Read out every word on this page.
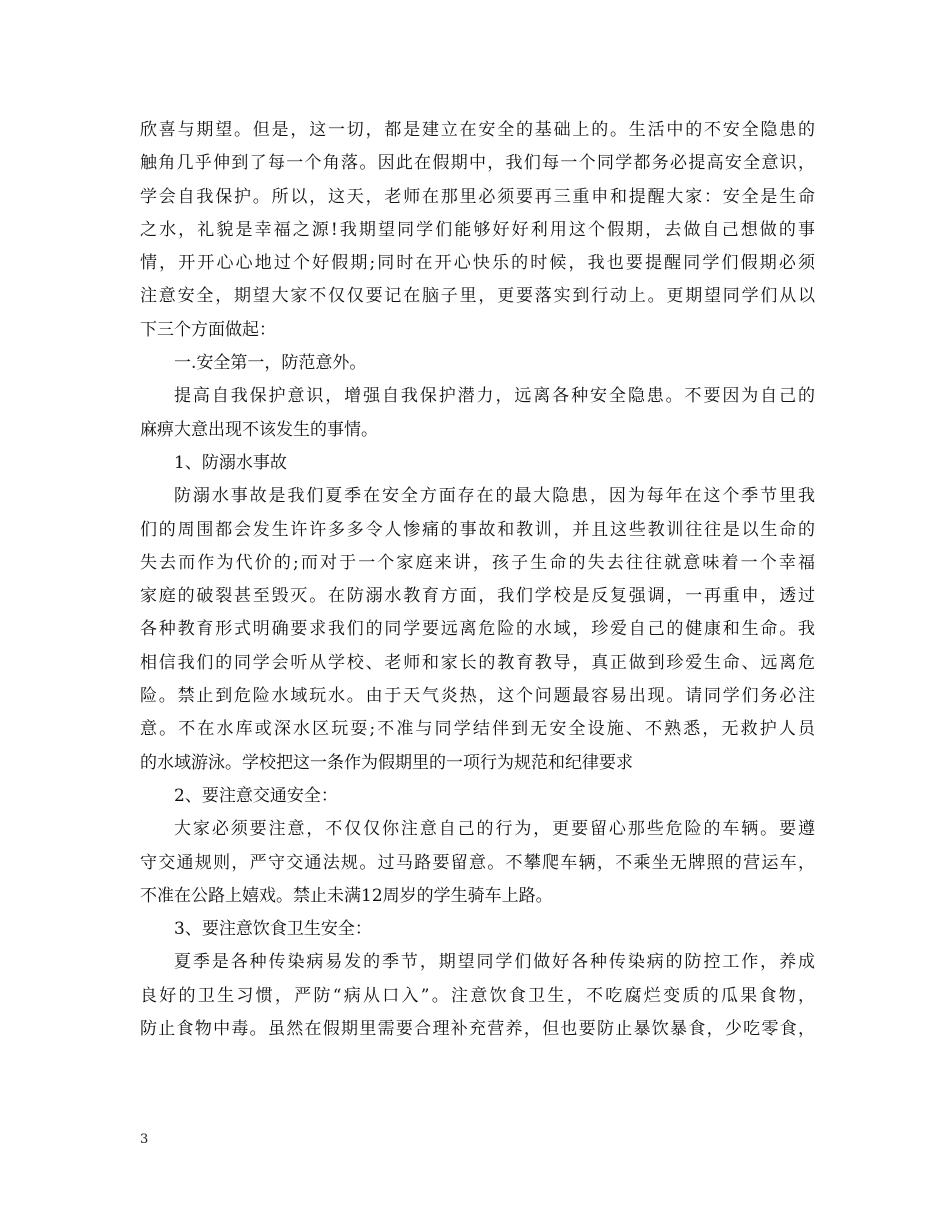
欣喜与期望。但是，这一切，都是建立在安全的基础上的。生活中的不安全隐患的
触角几乎伸到了每一个角落。因此在假期中，我们每一个同学都务必提高安全意识，
学会自我保护。所以，这天，老师在那里必须要再三重申和提醒大家：安全是生命
之水，礼貌是幸福之源!我期望同学们能够好好利用这个假期，去做自己想做的事
情，开开心心地过个好假期;同时在开心快乐的时候，我也要提醒同学们假期必须
注意安全，期望大家不仅仅要记在脑子里，更要落实到行动上。更期望同学们从以
下三个方面做起：
一.安全第一，防范意外。
提高自我保护意识，增强自我保护潜力，远离各种安全隐患。不要因为自己的
麻痹大意出现不该发生的事情。
1、防溺水事故
防溺水事故是我们夏季在安全方面存在的最大隐患，因为每年在这个季节里我
们的周围都会发生许许多多令人惨痛的事故和教训，并且这些教训往往是以生命的
失去而作为代价的;而对于一个家庭来讲，孩子生命的失去往往就意味着一个幸福
家庭的破裂甚至毁灭。在防溺水教育方面，我们学校是反复强调，一再重申，透过
各种教育形式明确要求我们的同学要远离危险的水域，珍爱自己的健康和生命。我
相信我们的同学会听从学校、老师和家长的教育教导，真正做到珍爱生命、远离危
险。禁止到危险水域玩水。由于天气炎热，这个问题最容易出现。请同学们务必注
意。不在水库或深水区玩耍;不准与同学结伴到无安全设施、不熟悉，无救护人员
的水域游泳。学校把这一条作为假期里的一项行为规范和纪律要求
2、要注意交通安全：
大家必须要注意，不仅仅你注意自己的行为，更要留心那些危险的车辆。要遵
守交通规则，严守交通法规。过马路要留意。不攀爬车辆，不乘坐无牌照的营运车，
不准在公路上嬉戏。禁止未满12周岁的学生骑车上路。
3、要注意饮食卫生安全：
夏季是各种传染病易发的季节，期望同学们做好各种传染病的防控工作，养成
良好的卫生习惯，严防“病从口入”。注意饮食卫生，不吃腐烂变质的瓜果食物，
防止食物中毒。虽然在假期里需要合理补充营养，但也要防止暴饮暴食，少吃零食，
3
